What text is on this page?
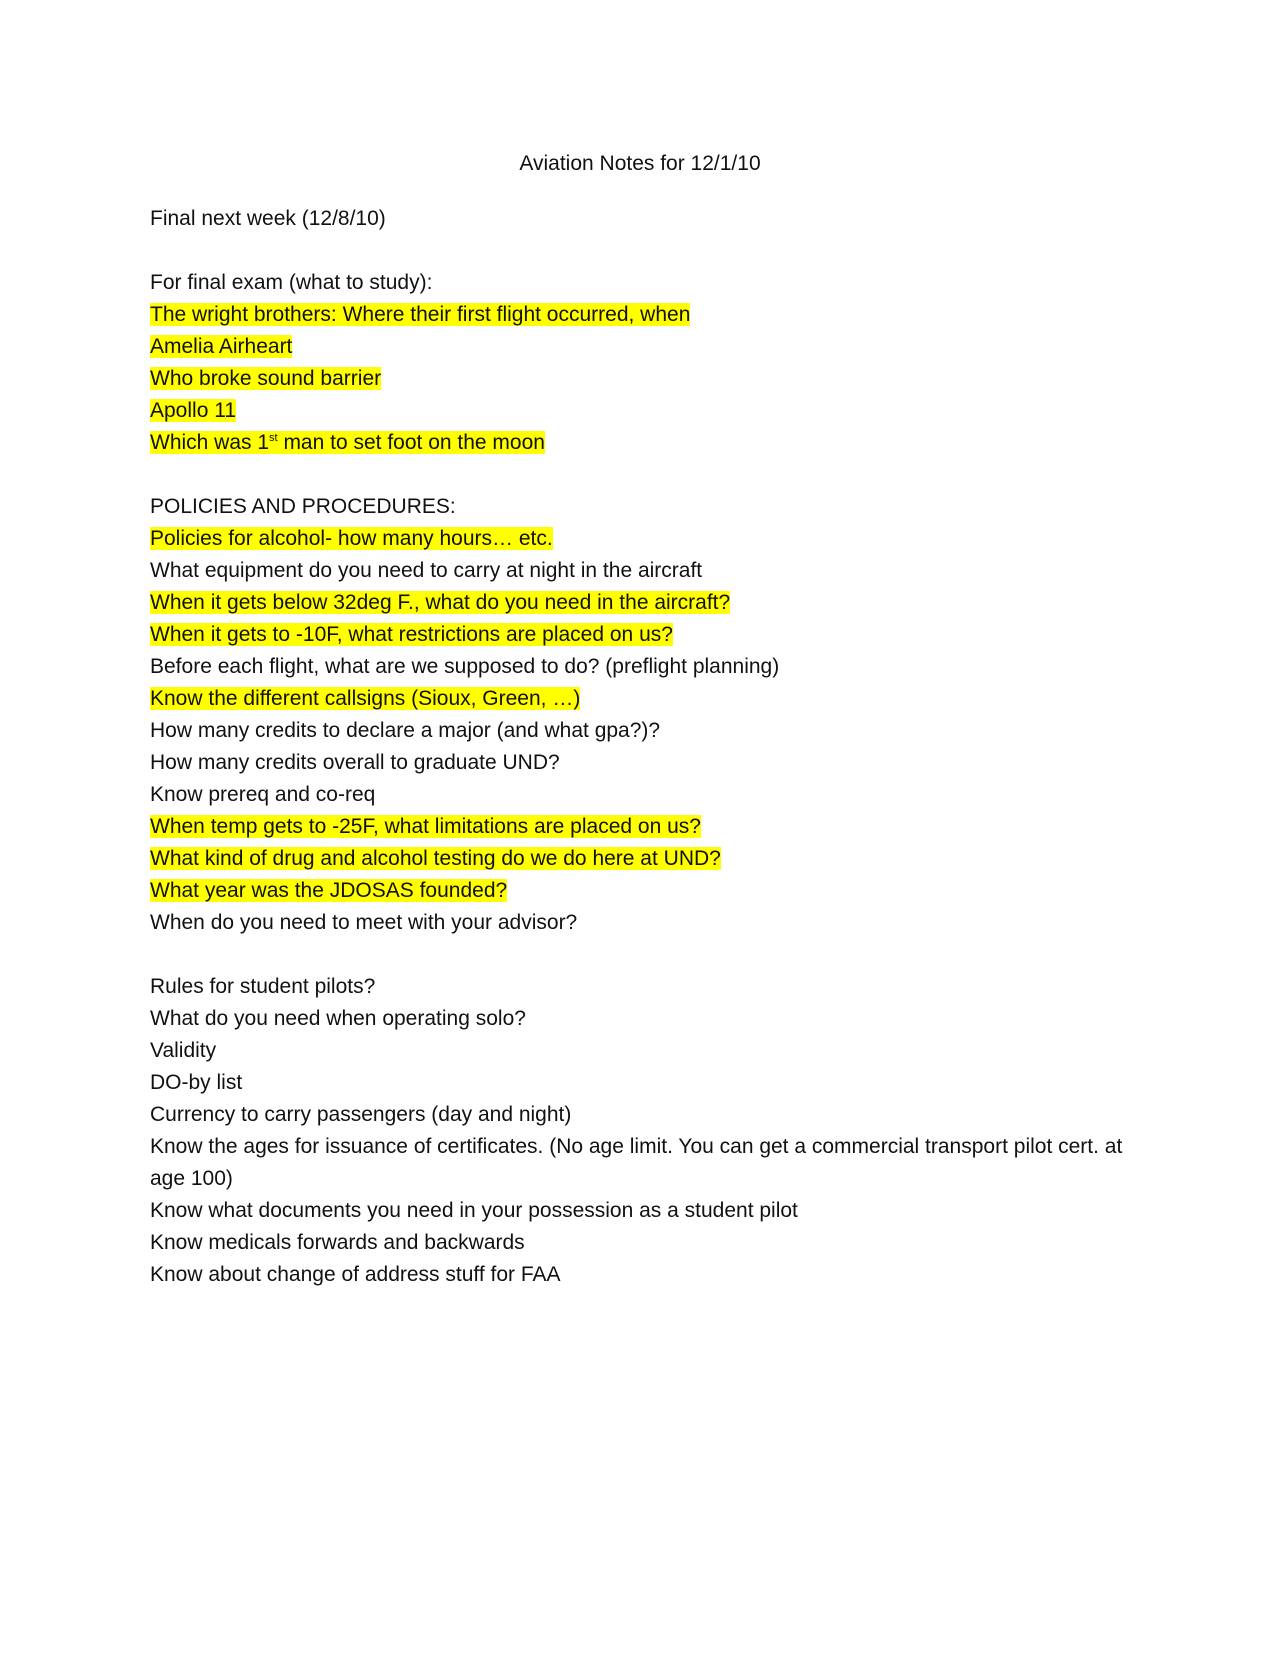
Aviation Notes for 12/1/10
Final next week (12/8/10)
For final exam (what to study):
The wright brothers: Where their first flight occurred, when
Amelia Airheart
Who broke sound barrier
Apollo 11
Which was 1st man to set foot on the moon
POLICIES AND PROCEDURES:
Policies for alcohol- how many hours… etc.
What equipment do you need to carry at night in the aircraft
When it gets below 32deg F., what do you need in the aircraft?
When it gets to -10F, what restrictions are placed on us?
Before each flight, what are we supposed to do? (preflight planning)
Know the different callsigns (Sioux, Green, …)
How many credits to declare a major (and what gpa?)?
How many credits overall to graduate UND?
Know prereq and co-req
When temp gets to -25F, what limitations are placed on us?
What kind of drug and alcohol testing do we do here at UND?
What year was the JDOSAS founded?
When do you need to meet with your advisor?
Rules for student pilots?
What do you need when operating solo?
Validity
DO-by list
Currency to carry passengers (day and night)
Know the ages for issuance of certificates. (No age limit. You can get a commercial transport pilot cert. at age 100)
Know what documents you need in your possession as a student pilot
Know medicals forwards and backwards
Know about change of address stuff for FAA
